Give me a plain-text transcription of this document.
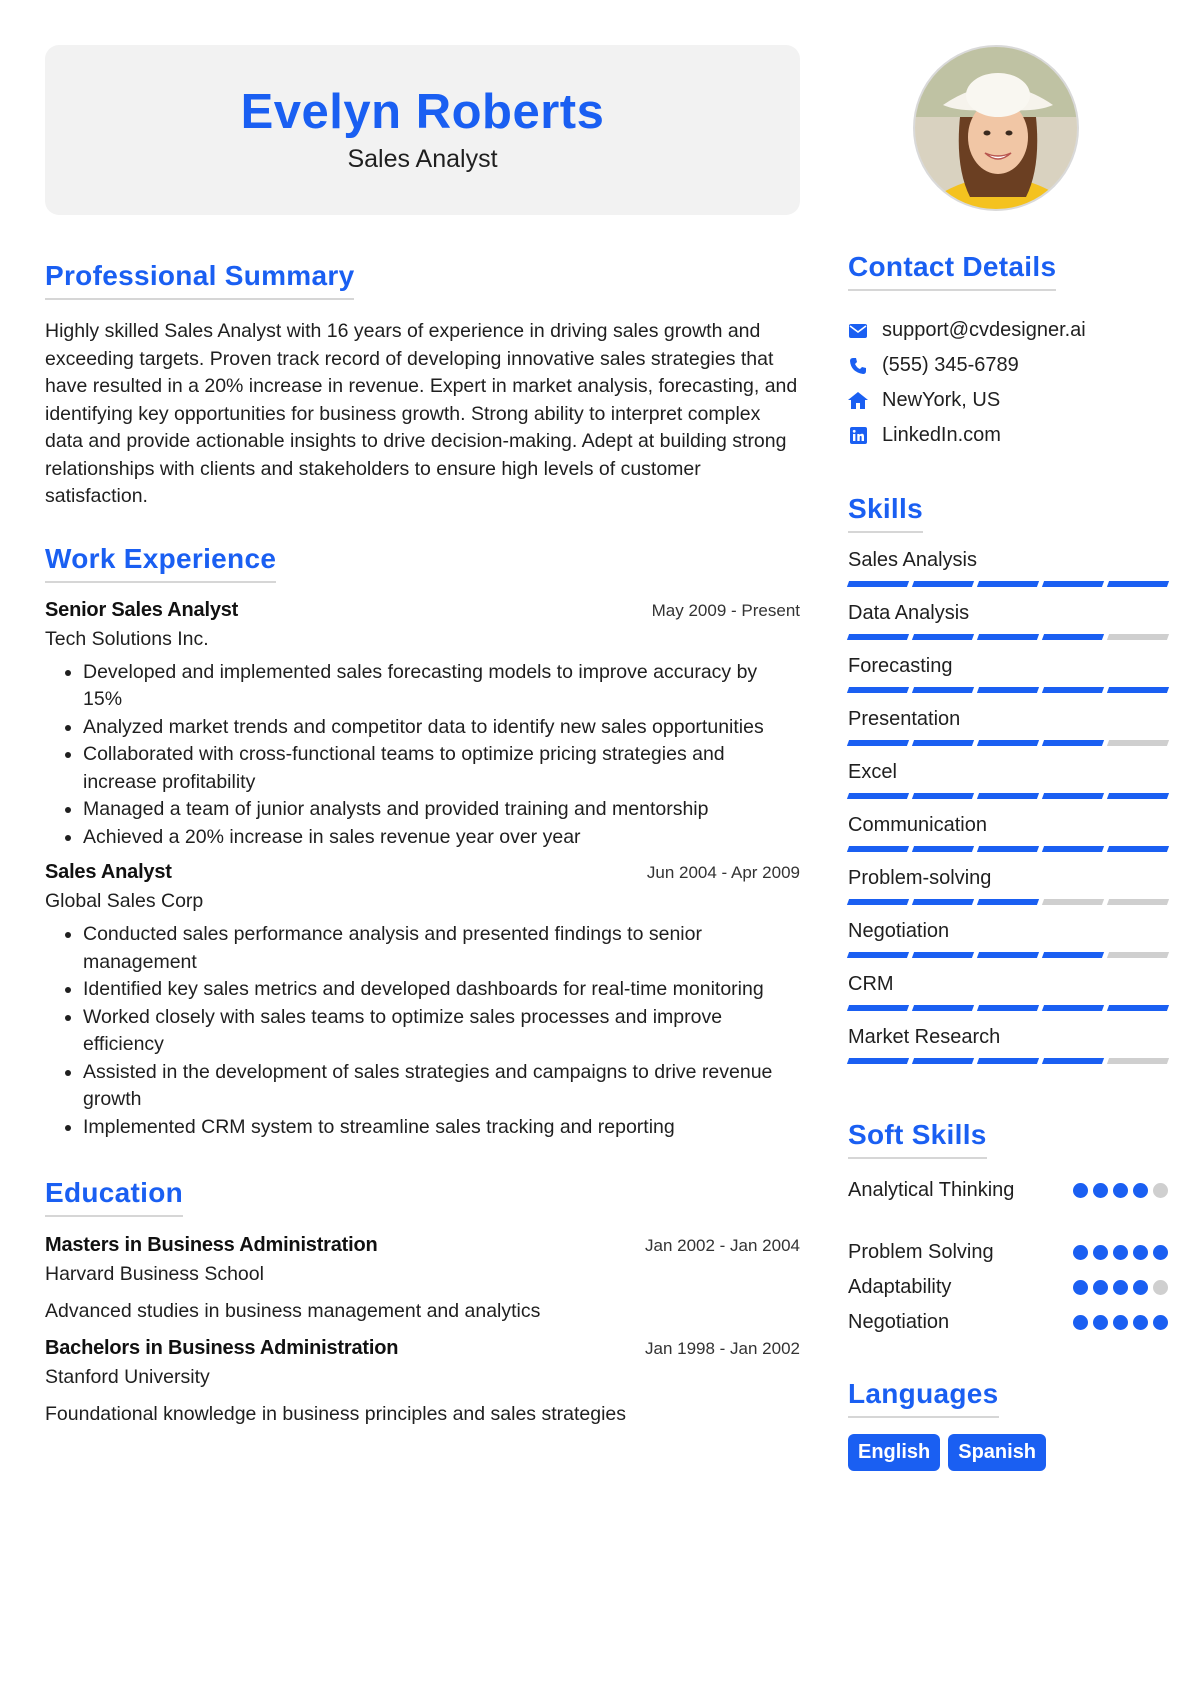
Evelyn Roberts
Sales Analyst
Professional Summary

Highly skilled Sales Analyst with 16 years of experience in driving sales growth and exceeding targets. Proven track record of developing innovative sales strategies that have resulted in a 20% increase in revenue. Expert in market analysis, forecasting, and identifying key opportunities for business growth. Strong ability to interpret complex data and provide actionable insights to drive decision-making. Adept at building strong relationships with clients and stakeholders to ensure high levels of customer satisfaction.

Work Experience
Senior Sales Analyst	May 2009 - Present
Tech Solutions Inc.
• Developed and implemented sales forecasting models to improve accuracy by 15%
• Analyzed market trends and competitor data to identify new sales opportunities
• Collaborated with cross-functional teams to optimize pricing strategies and increase profitability
• Managed a team of junior analysts and provided training and mentorship
• Achieved a 20% increase in sales revenue year over year
Sales Analyst	Jun 2004 - Apr 2009
Global Sales Corp
• Conducted sales performance analysis and presented findings to senior management
• Identified key sales metrics and developed dashboards for real-time monitoring
• Worked closely with sales teams to optimize sales processes and improve efficiency
• Assisted in the development of sales strategies and campaigns to drive revenue growth
• Implemented CRM system to streamline sales tracking and reporting
Education
Masters in Business Administration	Jan 2002 - Jan 2004
Harvard Business School
Advanced studies in business management and analytics
Bachelors in Business Administration	Jan 1998 - Jan 2002
Stanford University
Foundational knowledge in business principles and sales strategies
Contact Details
support@cvdesigner.ai
(555) 345-6789
NewYork, US
LinkedIn.com
Skills
Sales Analysis
Data Analysis
Forecasting
Presentation
Excel
Communication
Problem-solving
Negotiation
CRM
Market Research
Soft Skills
Analytical Thinking
Problem Solving
Adaptability
Negotiation
Languages
English	Spanish
